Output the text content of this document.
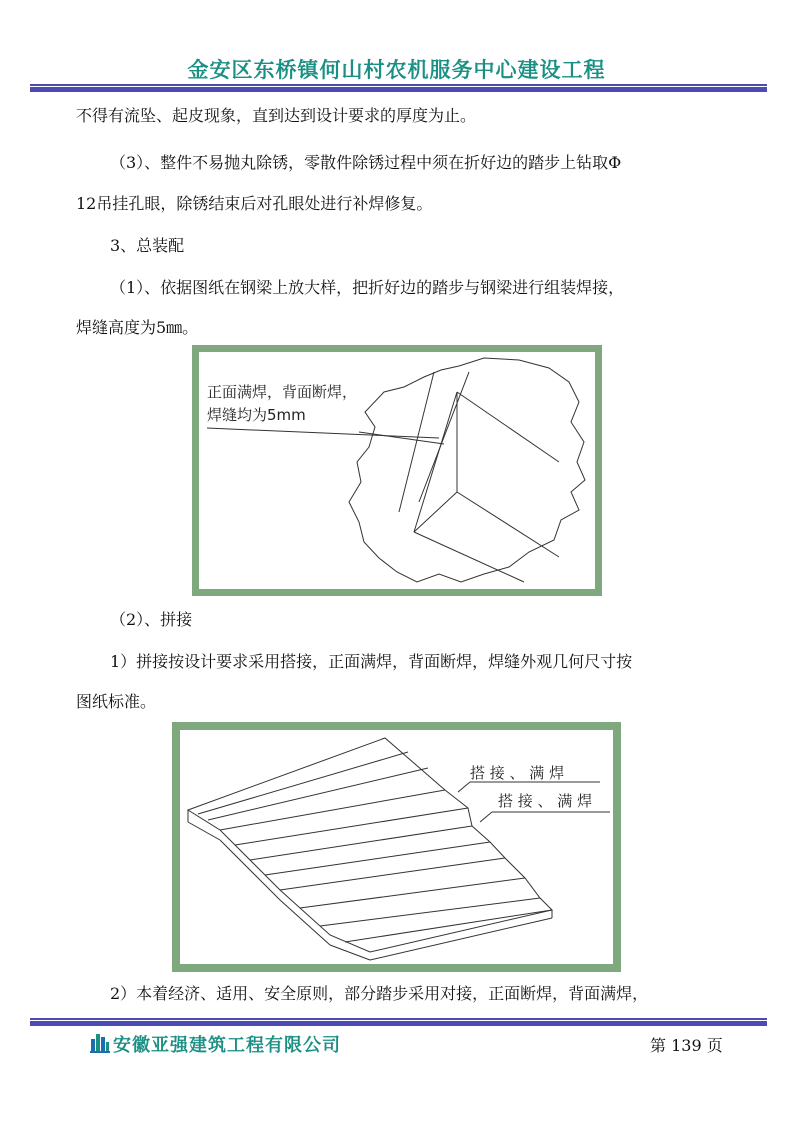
金安区东桥镇何山村农机服务中心建设工程
不得有流坠、起皮现象，直到达到设计要求的厚度为止。
（3）、整件不易抛丸除锈，零散件除锈过程中须在折好边的踏步上钻取Φ
12吊挂孔眼，除锈结束后对孔眼处进行补焊修复。
3、总装配
（1）、依据图纸在钢梁上放大样，把折好边的踏步与钢梁进行组装焊接，
焊缝高度为5㎜。
正面满焊，背面断焊，
焊缝均为5mm
（2）、拼接
1）拼接按设计要求采用搭接，正面满焊，背面断焊，焊缝外观几何尺寸按
图纸标准。
搭 接 、 满 焊
搭 接 、 满 焊
2）本着经济、适用、安全原则，部分踏步采用对接，正面断焊，背面满焊，
安徽亚强建筑工程有限公司	第 139 页
